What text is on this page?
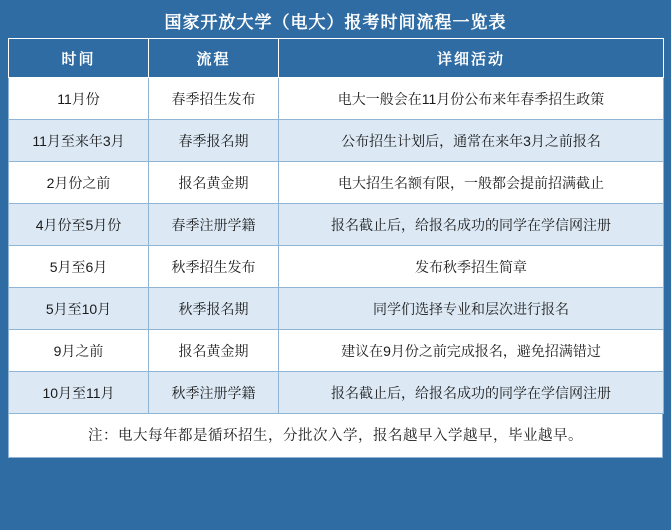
国家开放大学（电大）报考时间流程一览表
时间	流程	详细活动
11月份	春季招生发布	电大一般会在11月份公布来年春季招生政策
11月至来年3月	春季报名期	公布招生计划后，通常在来年3月之前报名
2月份之前	报名黄金期	电大招生名额有限，一般都会提前招满截止
4月份至5月份	春季注册学籍	报名截止后，给报名成功的同学在学信网注册
5月至6月	秋季招生发布	发布秋季招生简章
5月至10月	秋季报名期	同学们选择专业和层次进行报名
9月之前	报名黄金期	建议在9月份之前完成报名，避免招满错过
10月至11月	秋季注册学籍	报名截止后，给报名成功的同学在学信网注册
注：电大每年都是循环招生，分批次入学，报名越早入学越早，毕业越早。
